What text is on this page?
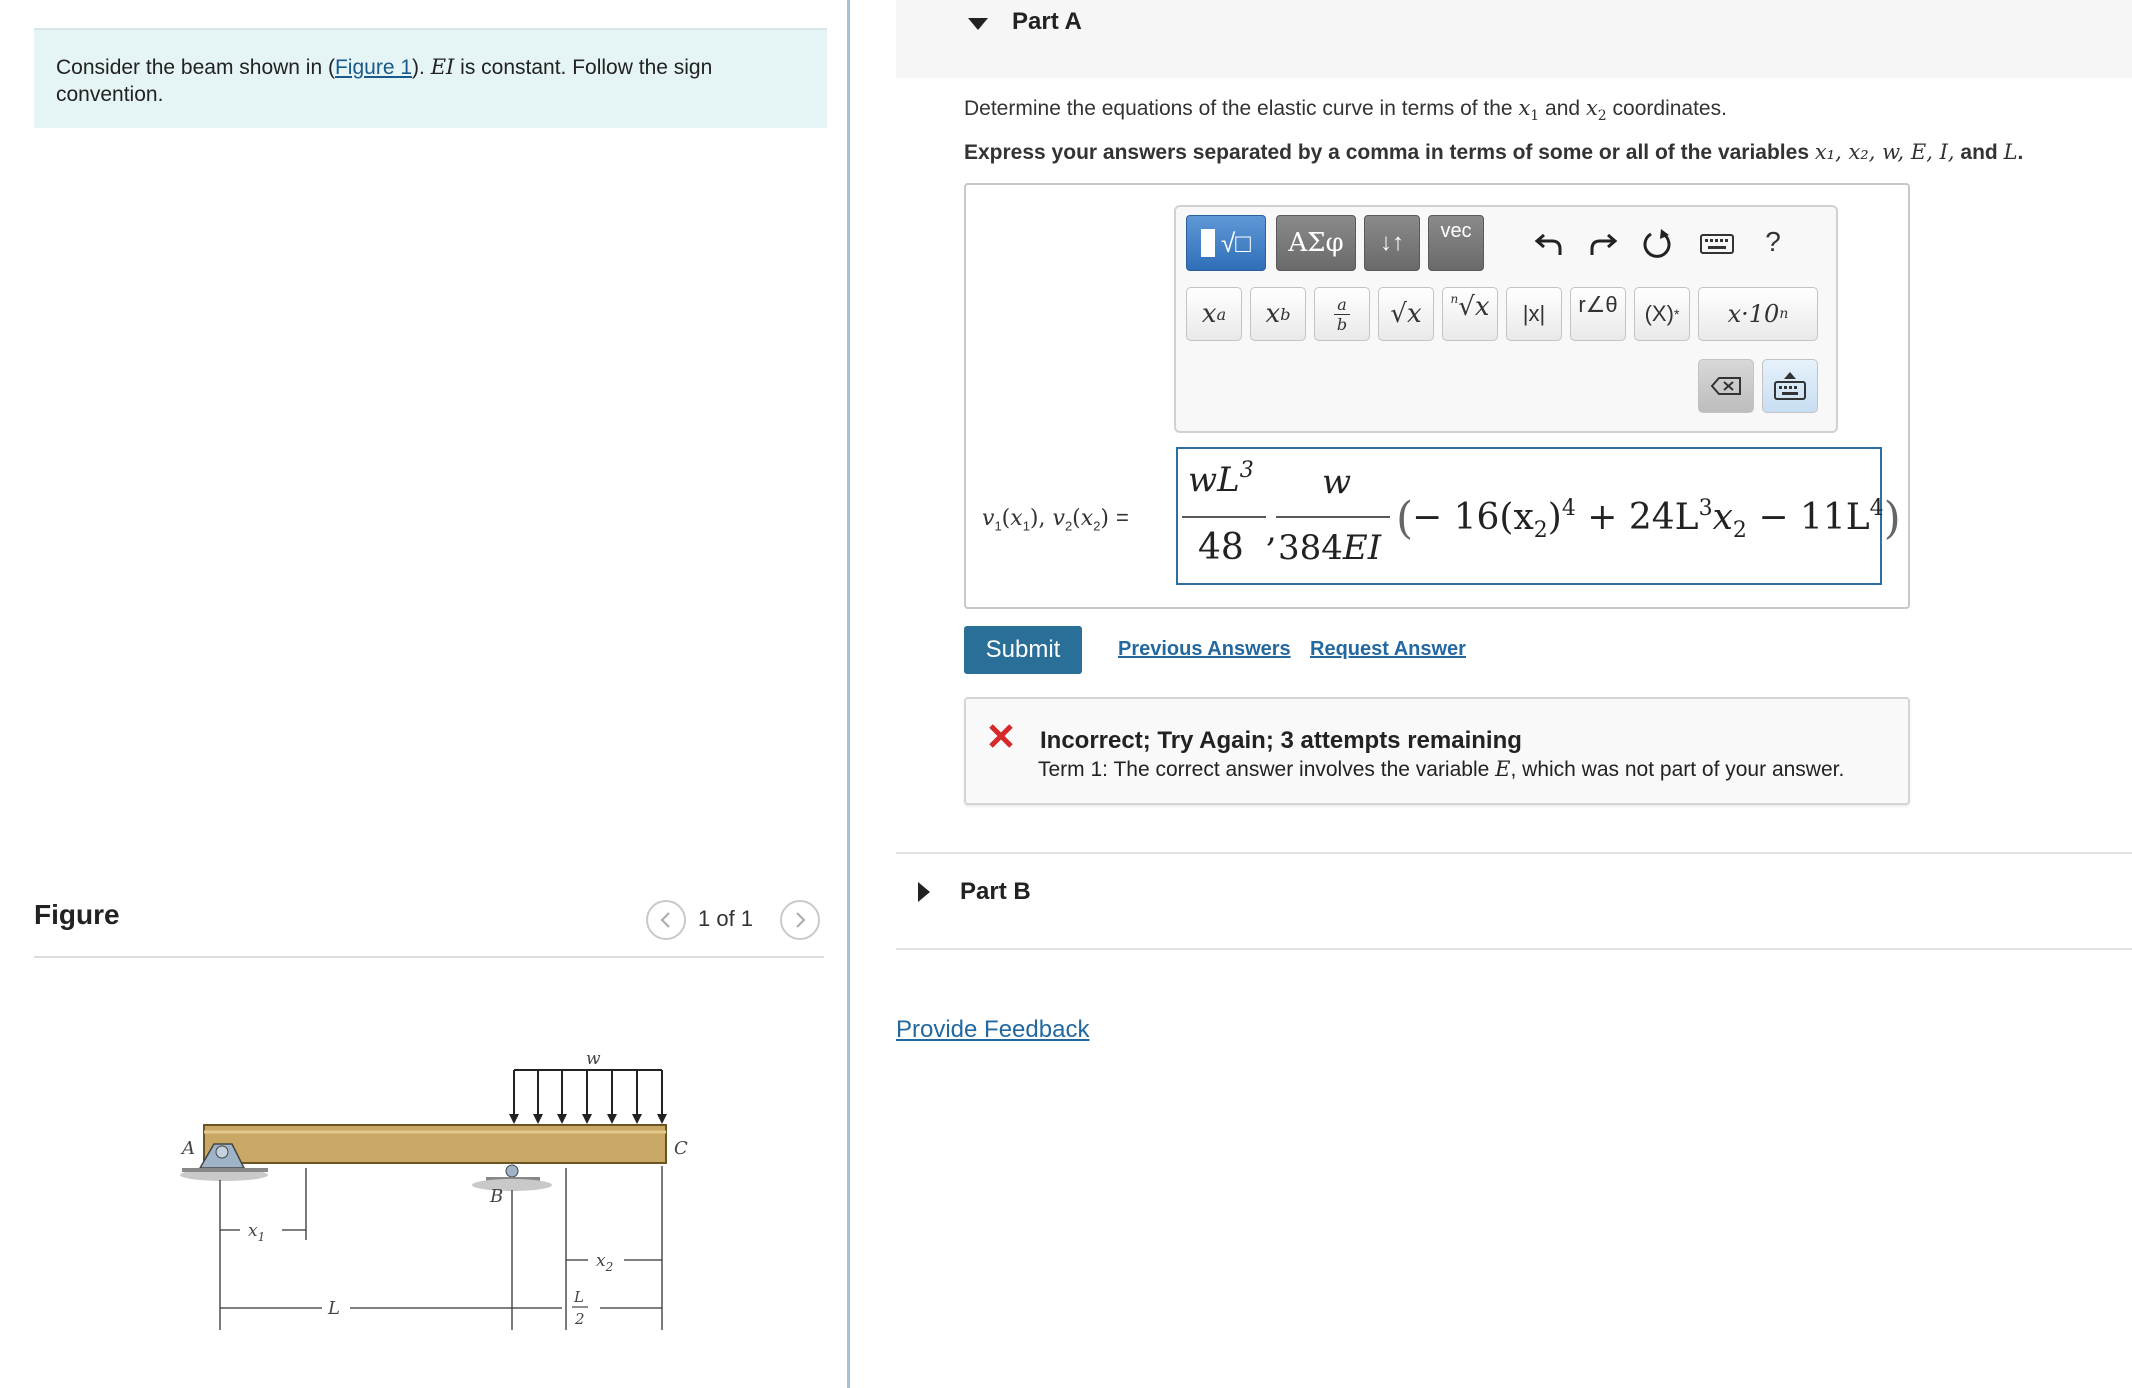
Consider the beam shown in (Figure 1). EI is constant. Follow the sign convention.
Figure	1 of 1
w
A
B
C
$x_1$
$x_2$
L
L
2
Part A
Determine the equations of the elastic curve in terms of the $x_1$ and $x_2$ coordinates.
Express your answers separated by a comma in terms of some or all of the variables x₁, x₂, w, E, I, and L.
√□ ΑΣφ ↓↑ vec	?
x a x b
a
b √x n √x |x| r∠θ (X) * x·10 n
$v_1(x_1)$, $v_2(x_2)$ =
$wL^3$
48 ,
w
384EI
(
− $16(x_2)^4 + 24L^3x_2 - 11L^4$)
Submit	Previous Answers Request Answer
Incorrect; Try Again; 3 attempts remaining
Term 1: The correct answer involves the variable E, which was not part of your answer.
Part B
Provide Feedback
